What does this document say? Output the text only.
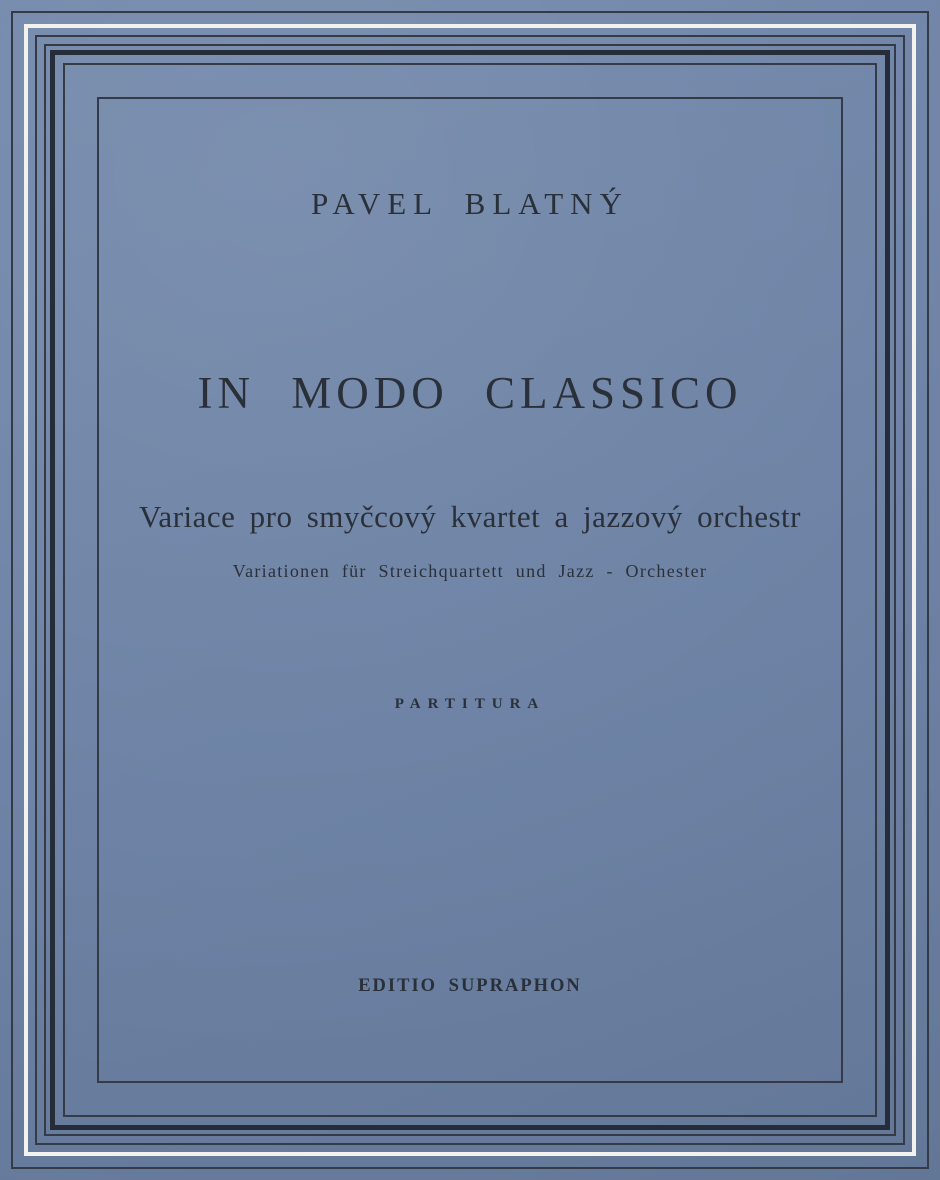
PAVEL BLATNÝ
IN MODO CLASSICO
Variace pro smyčcový kvartet a jazzový orchestr
Variationen für Streichquartett und Jazz - Orchester
PARTITURA
EDITIO SUPRAPHON
